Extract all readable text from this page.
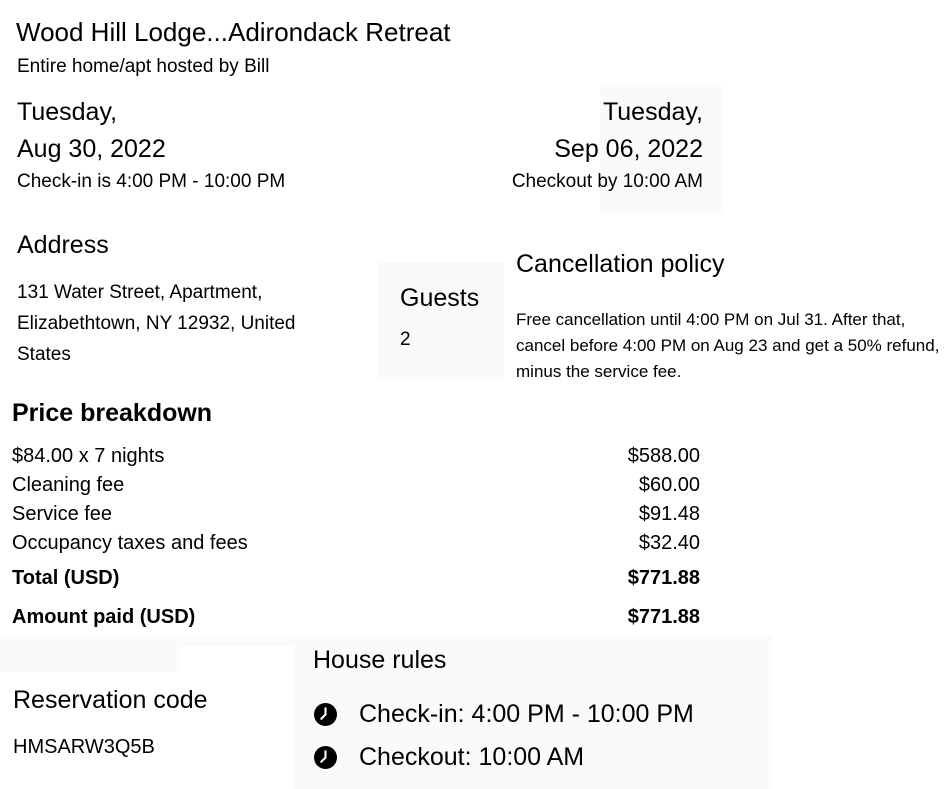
Wood Hill Lodge...Adirondack Retreat
Entire home/apt hosted by Bill
Tuesday,
Aug 30, 2022
Check-in is 4:00 PM - 10:00 PM
Tuesday,
Sep 06, 2022
Checkout by 10:00 AM
Address
131 Water Street, Apartment, Elizabethtown, NY 12932, United States
Guests
2
Cancellation policy
Free cancellation until 4:00 PM on Jul 31. After that, cancel before 4:00 PM on Aug 23 and get a 50% refund, minus the service fee.
Price breakdown
$84.00 x 7 nights	$588.00
Cleaning fee	$60.00
Service fee	$91.48
Occupancy taxes and fees	$32.40
Total (USD)	$771.88
Amount paid (USD)	$771.88
Reservation code
HMSARW3Q5B
House rules
Check-in: 4:00 PM - 10:00 PM
Checkout: 10:00 AM
